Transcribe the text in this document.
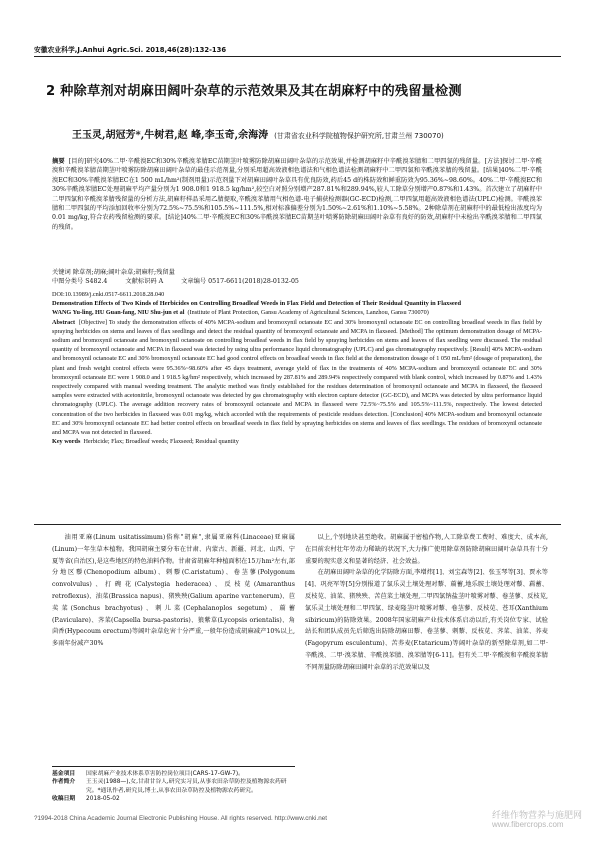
安徽农业科学,J.Anhui Agric.Sci. 2018,46(28):132-136
2 种除草剂对胡麻田阔叶杂草的示范效果及其在胡麻籽中的残留量检测
王玉灵,胡冠芳*,牛树君,赵 峰,李玉奇,余海涛 (甘肃省农业科学院植物保护研究所,甘肃兰州 730070)
摘要 [目的]研究40%二甲·辛酰溴EC和30%辛酰溴苯腈EC苗期茎叶喷雾防除胡麻田阔叶杂草的示范效果,并检测胡麻籽中辛酰溴苯腈和二甲四氯的残留量。[方法]探讨二甲·辛酰溴和辛酰溴苯腈苗期茎叶喷雾防除胡麻田阔叶杂草的最佳示范剂量,分别采用超高效液相色谱法和气相色谱法检测胡麻籽中二甲四氯和辛酰溴苯腈的残留量。[结果]40%二甲·辛酰溴EC和30%辛酰溴苯腈EC在1 500 mL/hm²(制剂用量)示范剂量下对胡麻田阔叶杂草具有优良防效,药后45 d的株防效和鲜重防效为95.36%~98.60%。40%二甲·辛酰溴EC和30%辛酰溴苯腈EC处理胡麻平均产量分别为1 908.0和1 918.5 kg/hm²,较空白对照分别增产287.81%和289.94%,较人工除草分别增产0.87%和1.43%。首次建立了胡麻籽中二甲四氯和辛酰溴苯腈残留量的分析方法,胡麻籽样品采用乙腈提取,辛酰溴苯腈用气相色谱-电子捕获检测器(GC-ECD)检测,二甲四氯用超高效液相色谱法(UPLC)检测。辛酰溴苯腈和二甲四氯的平均添加回收率分别为72.5%~75.5%和105.5%~111.5%,相对标准偏差分别为1.50%~2.61%和1.10%~5.58%。2种除草剂在胡麻籽中的最低检出浓度均为0.01 mg/kg,符合农药残留检测的要求。[结论]40%二甲·辛酰溴EC和30%辛酰溴苯腈EC苗期茎叶喷雾防除胡麻田阔叶杂草有良好的防效,胡麻籽中未检出辛酰溴苯腈和二甲四氯的残留。
关键词 除草剂;胡麻;阔叶杂草;胡麻籽;残留量
中图分类号 S482.4	文献标识码 A	文章编号 0517-6611(2018)28-0132-05
DOI:10.13989/j.cnki.0517-6611.2018.28.040
Demonstration Effects of Two Kinds of Herbicides on Controlling Broadleaf Weeds in Flax Field and Detection of Their Residual Quantity in Flaxseed
WANG Yu-ling, HU Guan-fang, NIU Shu-jun et al (Institute of Plant Protection, Gansu Academy of Agricultural Sciences, Lanzhou, Gansu 730070)
Abstract [Objective] To study the demonstration effects of 40% MCPA-sodium and bromoxynil octanoate EC and 30% bromoxynil octanoate EC on controlling broadleaf weeds in flax field by spraying herbicides on stems and leaves of flax seedlings and detect the residual quantity of bromoxynil octanoate and MCPA in flaxseed. [Method] The optimum demonstration dosage of MCPA-sodium and bromoxynil octanoate and bromoxynil octanoate on controlling broadleaf weeds in flax field by spraying herbicides on stems and leaves of flax seedling were discussed. The residual quantity of bromoxynil octanoate and MCPA in flaxseed was detected by using ultra performance liquid chromatography (UPLC) and gas chromatography respectively. [Result] 40% MCPA-sodium and bromoxynil octanoate EC and 30% bromoxynil octanoate EC had good control effects on broadleaf weeds in flax field at the demonstration dosage of 1 050 mL/hm² (dosage of preparation), the plant and fresh weight control effects were 95.36%~98.60% after 45 days treatment, average yield of flax in the treatments of 40% MCPA-sodium and bromoxynil octanoate EC and 30% bromoxynil octanoate EC were 1 908.0 and 1 918.5 kg/hm² respectively, which increased by 287.81% and 289.94% respectively compared with blank control, which increased by 0.87% and 1.43% respectively compared with manual weeding treatment. The analytic method was firstly established for the residues determination of bromoxynil octanoate and MCPA in flaxseed, the flaxseed samples were extracted with acetonitrile, bromoxynil octanoate was detected by gas chromatography with electron capture detector (GC-ECD), and MCPA was detected by ultra performance liquid chromatography (UPLC). The average addition recovery rates of bromoxynil octanoate and MCPA in flaxseed were 72.5%~75.5% and 105.5%~111.5%, respectively. The lowest detected concentration of the two herbicides in flaxseed was 0.01 mg/kg, which accorded with the requirements of pesticide residues detection. [Conclusion] 40% MCPA-sodium and bromoxynil octanoate EC and 30% bromoxynil octanoate EC had better control effects on broadleaf weeds in flax field by spraying herbicides on stems and leaves of flax seedlings. The residues of bromoxynil octanoate and MCPA was not detected in flaxseed.
Key words Herbicide; Flax; Broadleaf weeds; Flaxseed; Residual quantity

油用亚麻(Linum usitatissimum)俗称"胡麻",隶属亚麻科(Linaceae)亚麻属(Linum)一年生草本植物。我国胡麻主要分布在甘肃、内蒙古、新疆、河北、山西、宁夏等省(自治区),是这些地区的特色油料作物。甘肃省胡麻年种植面积在15万hm²左右,部分地区藜(Chenopodium album)、刺藜(C.aristatum)、卷茎蓼(Polygonum convolvulus)、打碗花(Calystegia hederacea)、反枝苋(Amaranthus retroflexus)、油菜(Brassica napus)、猪殃殃(Galium aparine var.tenerum)、苣荬菜(Sonchus brachyotus)、刺儿菜(Cephalanoplos segetum)、萹蓄(P.aviculare)、荠菜(Capsella bursa-pastoris)、狼紫草(Lycopsis orientalis)、角茴香(Hypecoum erectum)等阔叶杂草危害十分严重,一般年份造成胡麻减产10%以上,多雨年份减产30%

以上,个别地块甚至绝收。胡麻属于密植作物,人工除草费工费时、难度大、成本高,在目前农村壮年劳动力稀缺的状况下,大力推广使用除草剂防除胡麻田阔叶杂草具有十分重要的现实意义和显著的经济、社会效益。

在胡麻田阔叶杂草的化学防除方面,李增炜[1]、刘宝森等[2]、张玉琴等[3]、贾永等[4]、巩亮军等[5]分别报道了氯乐灵土壤处理对藜、萹蓄,地乐胺土壤处理对藜、萹蓄、反枝苋、油菜、猪殃殃、苦苣菜土壤处理,二甲四氯钠盐茎叶喷雾对藜、卷茎蓼、反枝苋,氯乐灵土壤处理和二甲四氯、绿麦隆茎叶喷雾对藜、卷茎蓼、反枝苋、苍耳(Xanthium sibiricum)的防除效果。2008年国家胡麻产业技术体系启动以后,有关岗位专家、试验站长和团队成员先后筛选出防除胡麻田藜、卷茎蓼、刺藜、反枝苋、荠菜、油菜、荞麦(Fagopyrum esculentum)、苦荞麦(F.tataricum)等阔叶杂草的新型除草剂,如二甲·辛酰溴、二甲·溴苯腈、辛酰溴苯腈、溴苯腈等[6-11]。但有关二甲·辛酰溴和辛酰溴苯腈不同剂量防除胡麻田阔叶杂草的示范效果以及

基金项目	国家胡麻产业技术体系草害防控岗位项目(CARS-17-GW-7)。
作者简介	王玉灵(1988—),女,甘肃甘谷人,研究实习员,从事农田杂草防控及植物源农药研究。*通讯作者,研究员,博士,从事农田杂草防控及植物源农药研究。
收稿日期	2018-05-02
?1994-2018 China Academic Journal Electronic Publishing House. All rights reserved. http://www.cnki.net	纤维作物营养与施肥网
www.fibercrops.com
